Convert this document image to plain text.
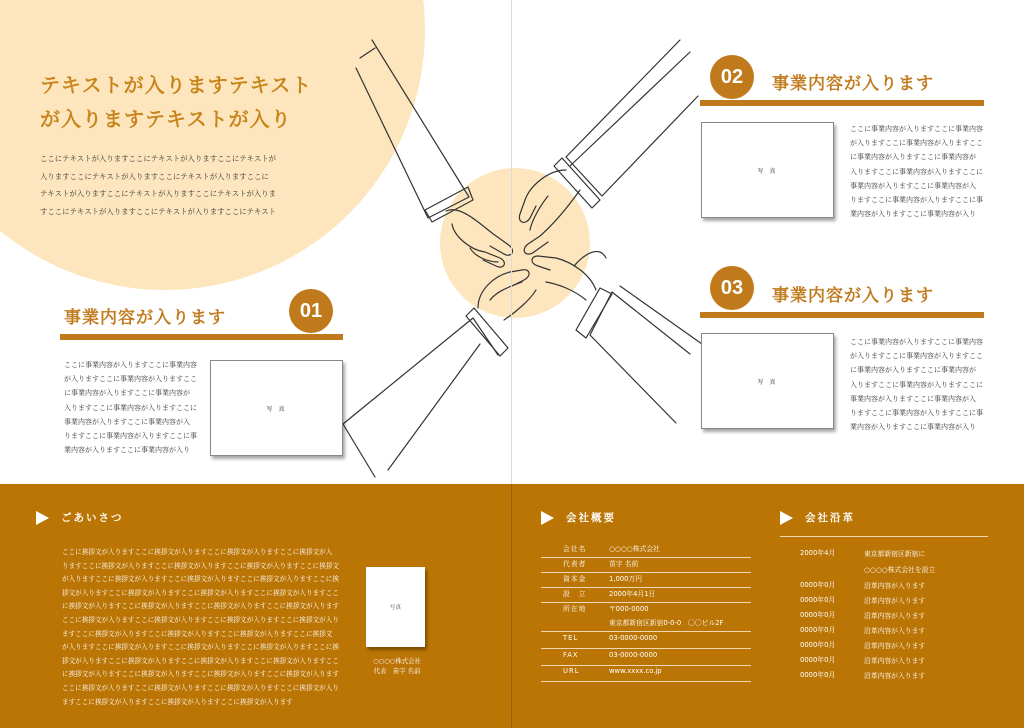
テキストが入りますテキスト
が入りますテキストが入り
ここにテキストが入りますここにテキストが入りますここにテキストが
入りますここにテキストが入りますここにテキストが入りますここに
テキストが入りますここにテキストが入りますここにテキストが入りま
すここにテキストが入りますここにテキストが入りますここにテキスト
事業内容が入ります	01
ここに事業内容が入りますここに事業内容
が入りますここに事業内容が入りますここ
に事業内容が入りますここに事業内容が
入りますここに事業内容が入りますここに
事業内容が入りますここに事業内容が入
りますここに事業内容が入りますここに事
業内容が入りますここに事業内容が入り
写 真
02	事業内容が入ります
写 真
ここに事業内容が入りますここに事業内容
が入りますここに事業内容が入りますここ
に事業内容が入りますここに事業内容が
入りますここに事業内容が入りますここに
事業内容が入りますここに事業内容が入
りますここに事業内容が入りますここに事
業内容が入りますここに事業内容が入り
03	事業内容が入ります
写 真
ここに事業内容が入りますここに事業内容
が入りますここに事業内容が入りますここ
に事業内容が入りますここに事業内容が
入りますここに事業内容が入りますここに
事業内容が入りますここに事業内容が入
りますここに事業内容が入りますここに事
業内容が入りますここに事業内容が入り
ごあいさつ
ここに挨拶文が入りますここに挨拶文が入りますここに挨拶文が入りますここに挨拶文が入
りますここに挨拶文が入りますここに挨拶文が入りますここに挨拶文が入りますここに挨拶文
が入りますここに挨拶文が入りますここに挨拶文が入りますここに挨拶文が入りますここに挨
拶文が入りますここに挨拶文が入りますここに挨拶文が入りますここに挨拶文が入りますここ
に挨拶文が入りますここに挨拶文が入りますここに挨拶文が入りますここに挨拶文が入ります
ここに挨拶文が入りますここに挨拶文が入りますここに挨拶文が入りますここに挨拶文が入り
ますここに挨拶文が入りますここに挨拶文が入りますここに挨拶文が入りますここに挨拶文
が入りますここに挨拶文が入りますここに挨拶文が入りますここに挨拶文が入りますここに挨
拶文が入りますここに挨拶文が入りますここに挨拶文が入りますここに挨拶文が入りますここ
に挨拶文が入りますここに挨拶文が入りますここに挨拶文が入りますここに挨拶文が入ります
ここに挨拶文が入りますここに挨拶文が入りますここに挨拶文が入りますここに挨拶文が入り
ますここに挨拶文が入りますここに挨拶文が入りますここに挨拶文が入ります
写真
○○○○株式会社
代表　苗字 名前
会社概要
会社名	○○○○株式会社
代表者	苗字 名前
資本金	1,000万円
設　立	2000年4月1日
所在地	〒000-0000
東京都新宿区新宿0-0-0　〇〇ビル2F
TEL	03-0000-0000
FAX	03-0000-0000
URL	www.xxxx.co.jp
会社沿革
2000年4月	東京都新宿区新宿に
○○○○株式会社を設立
0000年0月	沿革内容が入ります
0000年0月	沿革内容が入ります
0000年0月	沿革内容が入ります
0000年0月	沿革内容が入ります
0000年0月	沿革内容が入ります
0000年0月	沿革内容が入ります
0000年0月	沿革内容が入ります
